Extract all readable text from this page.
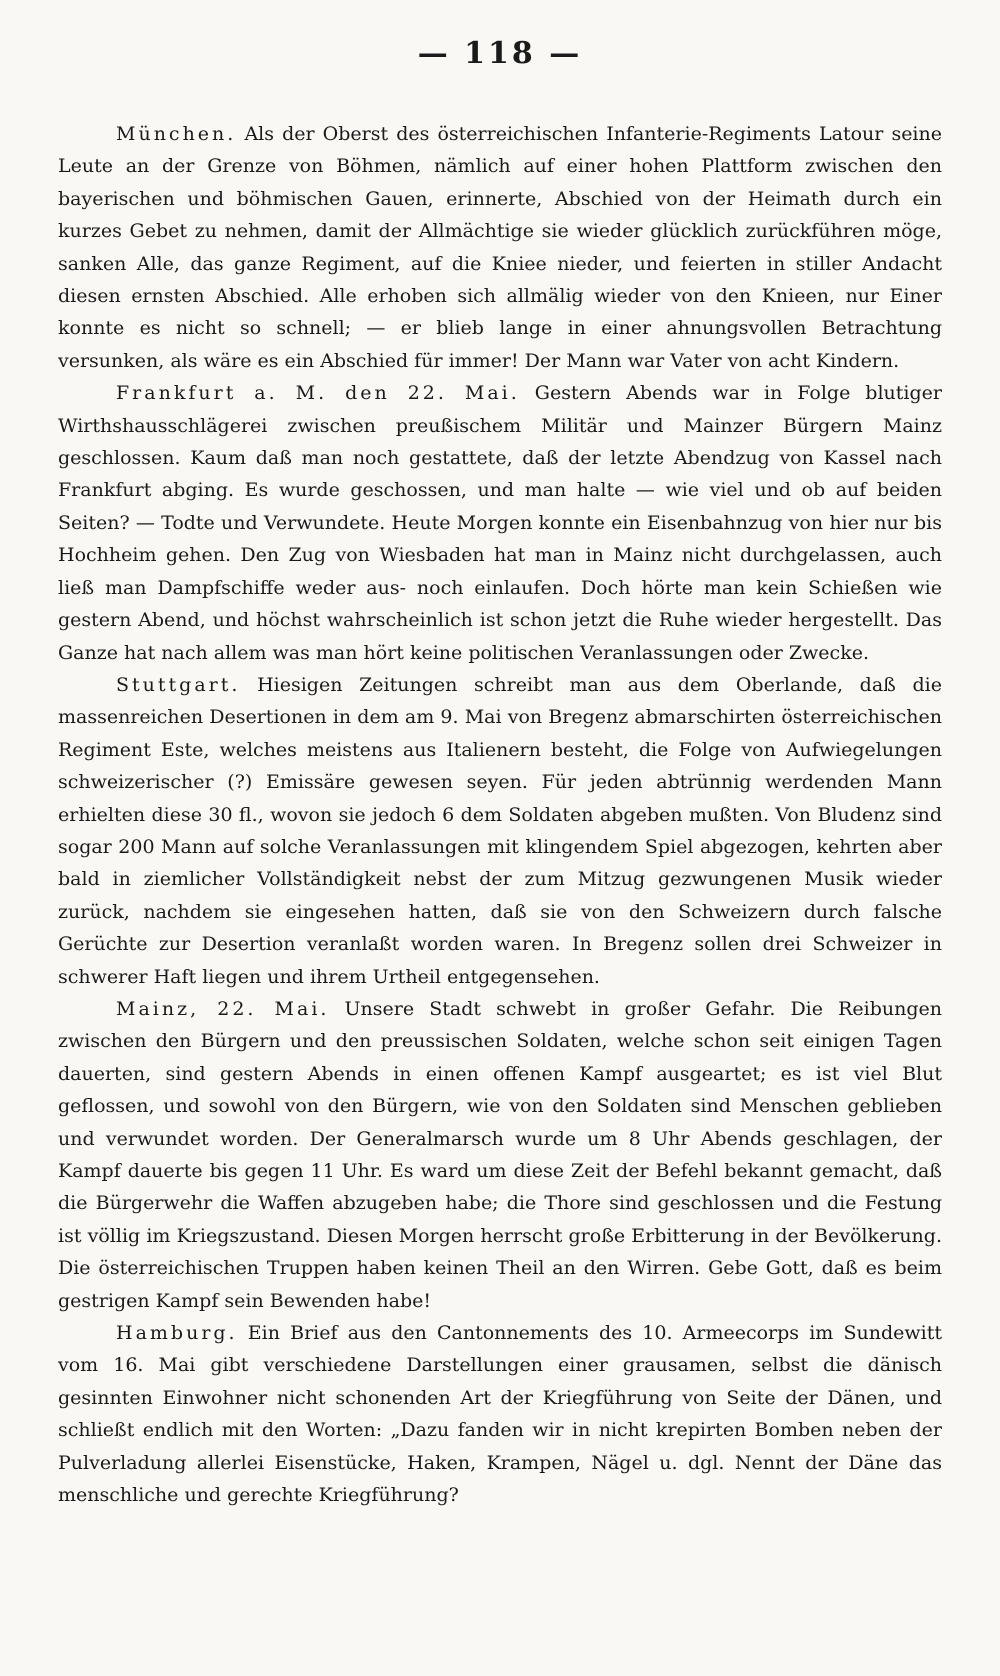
— 118 —

München. Als der Oberst des österreichischen Infanterie-Regiments Latour seine Leute an der Grenze von Böhmen, nämlich auf einer hohen Plattform zwischen den bayerischen und böhmischen Gauen, erinnerte, Abschied von der Heimath durch ein kurzes Gebet zu nehmen, damit der Allmächtige sie wieder glücklich zurückführen möge, sanken Alle, das ganze Regiment, auf die Kniee nieder, und feierten in stiller Andacht diesen ernsten Abschied. Alle erhoben sich allmälig wieder von den Knieen, nur Einer konnte es nicht so schnell; — er blieb lange in einer ahnungsvollen Betrachtung versunken, als wäre es ein Abschied für immer! Der Mann war Vater von acht Kindern.

Frankfurt a. M. den 22. Mai. Gestern Abends war in Folge blutiger Wirthshausschlägerei zwischen preußischem Militär und Mainzer Bürgern Mainz geschlossen. Kaum daß man noch gestattete, daß der letzte Abendzug von Kassel nach Frankfurt abging. Es wurde geschossen, und man halte — wie viel und ob auf beiden Seiten? — Todte und Verwundete. Heute Morgen konnte ein Eisenbahnzug von hier nur bis Hochheim gehen. Den Zug von Wiesbaden hat man in Mainz nicht durchgelassen, auch ließ man Dampfschiffe weder aus- noch einlaufen. Doch hörte man kein Schießen wie gestern Abend, und höchst wahrscheinlich ist schon jetzt die Ruhe wieder hergestellt. Das Ganze hat nach allem was man hört keine politischen Veranlassungen oder Zwecke.

Stuttgart. Hiesigen Zeitungen schreibt man aus dem Oberlande, daß die massenreichen Desertionen in dem am 9. Mai von Bregenz abmarschirten österreichischen Regiment Este, welches meistens aus Italienern besteht, die Folge von Aufwiegelungen schweizerischer (?) Emissäre gewesen seyen. Für jeden abtrünnig werdenden Mann erhielten diese 30 fl., wovon sie jedoch 6 dem Soldaten abgeben mußten. Von Bludenz sind sogar 200 Mann auf solche Veranlassungen mit klingendem Spiel abgezogen, kehrten aber bald in ziemlicher Vollständigkeit nebst der zum Mitzug gezwungenen Musik wieder zurück, nachdem sie eingesehen hatten, daß sie von den Schweizern durch falsche Gerüchte zur Desertion veranlaßt worden waren. In Bregenz sollen drei Schweizer in schwerer Haft liegen und ihrem Urtheil entgegensehen.

Mainz, 22. Mai. Unsere Stadt schwebt in großer Gefahr. Die Reibungen zwischen den Bürgern und den preussischen Soldaten, welche schon seit einigen Tagen dauerten, sind gestern Abends in einen offenen Kampf ausgeartet; es ist viel Blut geflossen, und sowohl von den Bürgern, wie von den Soldaten sind Menschen geblieben und verwundet worden. Der Generalmarsch wurde um 8 Uhr Abends geschlagen, der Kampf dauerte bis gegen 11 Uhr. Es ward um diese Zeit der Befehl bekannt gemacht, daß die Bürgerwehr die Waffen abzugeben habe; die Thore sind geschlossen und die Festung ist völlig im Kriegszustand. Diesen Morgen herrscht große Erbitterung in der Bevölkerung. Die österreichischen Truppen haben keinen Theil an den Wirren. Gebe Gott, daß es beim gestrigen Kampf sein Bewenden habe!

Hamburg. Ein Brief aus den Cantonnements des 10. Armeecorps im Sundewitt vom 16. Mai gibt verschiedene Darstellungen einer grausamen, selbst die dänisch gesinnten Einwohner nicht schonenden Art der Kriegführung von Seite der Dänen, und schließt endlich mit den Worten: „Dazu fanden wir in nicht krepirten Bomben neben der Pulverladung allerlei Eisenstücke, Haken, Krampen, Nägel u. dgl. Nennt der Däne das menschliche und gerechte Kriegführung?
